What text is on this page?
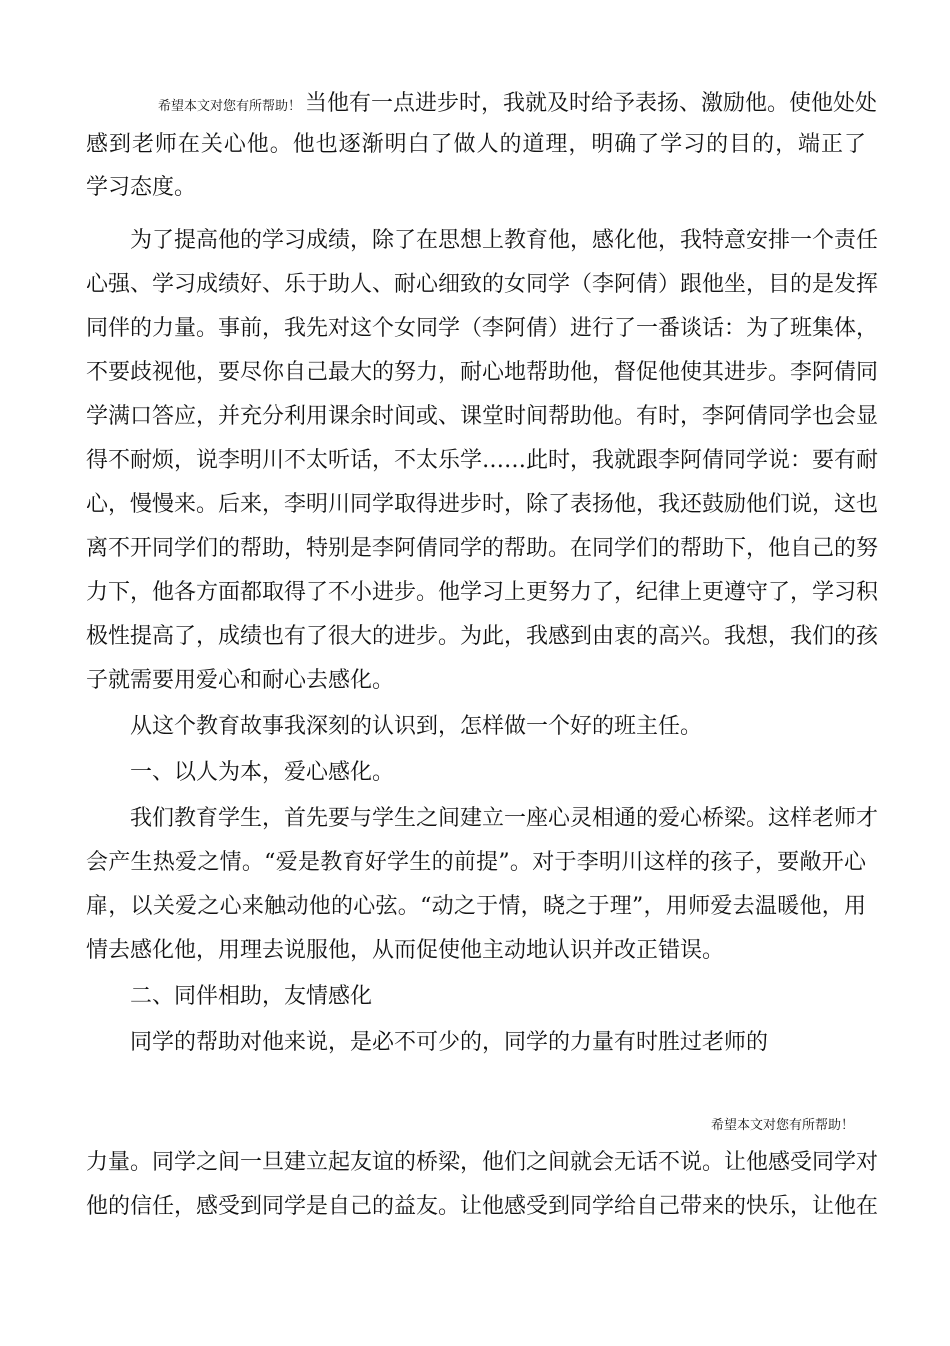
希望本文对您有所帮助！ 当他有一点进步时，我就及时给予表扬、激励他。使他处处
感到老师在关心他。他也逐渐明白了做人的道理，明确了学习的目的，端正了
学习态度。
为了提高他的学习成绩，除了在思想上教育他，感化他，我特意安排一个责任
心强、学习成绩好、乐于助人、耐心细致的女同学（李阿倩）跟他坐，目的是发挥
同伴的力量。事前，我先对这个女同学（李阿倩）进行了一番谈话：为了班集体，
不要歧视他，要尽你自己最大的努力，耐心地帮助他，督促他使其进步。李阿倩同
学满口答应，并充分利用课余时间或、课堂时间帮助他。有时，李阿倩同学也会显
得不耐烦，说李明川不太听话，不太乐学……此时，我就跟李阿倩同学说：要有耐
心，慢慢来。后来，李明川同学取得进步时，除了表扬他，我还鼓励他们说，这也
离不开同学们的帮助，特别是李阿倩同学的帮助。在同学们的帮助下，他自己的努
力下，他各方面都取得了不小进步。他学习上更努力了，纪律上更遵守了，学习积
极性提高了，成绩也有了很大的进步。为此，我感到由衷的高兴。我想，我们的孩
子就需要用爱心和耐心去感化。
从这个教育故事我深刻的认识到，怎样做一个好的班主任。
一、以人为本，爱心感化。
我们教育学生，首先要与学生之间建立一座心灵相通的爱心桥梁。这样老师才
会产生热爱之情。“爱是教育好学生的前提”。对于李明川这样的孩子，要敞开心
扉，以关爱之心来触动他的心弦。“动之于情，晓之于理”，用师爱去温暖他，用
情去感化他，用理去说服他，从而促使他主动地认识并改正错误。
二、同伴相助，友情感化
同学的帮助对他来说，是必不可少的，同学的力量有时胜过老师的
希望本文对您有所帮助！
力量。同学之间一旦建立起友谊的桥梁，他们之间就会无话不说。让他感受同学对
他的信任，感受到同学是自己的益友。让他感受到同学给自己带来的快乐，让他在
